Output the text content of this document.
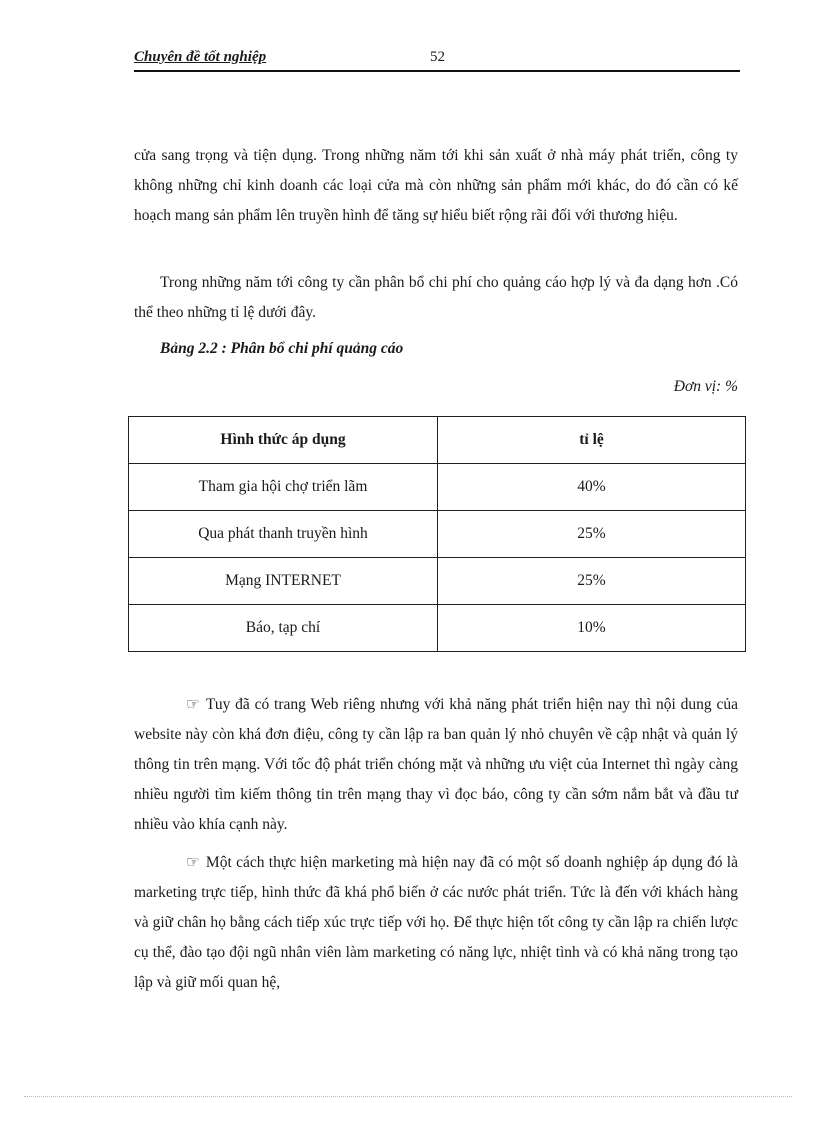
Chuyên đề tốt nghiệp	52

cửa sang trọng và tiện dụng. Trong những năm tới khi sản xuất ở nhà máy phát triển, công ty không những chỉ kinh doanh các loại cửa mà còn những sản phẩm mới khác, do đó cần có kế hoạch mang sản phẩm lên truyền hình để tăng sự hiểu biết rộng rãi đối với thương hiệu.

Trong những năm tới công ty cần phân bổ chi phí cho quảng cáo hợp lý và đa dạng hơn .Có thể theo những tỉ lệ dưới đây.

Bảng 2.2 : Phân bổ chi phí quảng cáo
Đơn vị: %
Hình thức áp dụng	tỉ lệ
Tham gia hội chợ triển lãm	40%
Qua phát thanh truyền hình	25%
Mạng INTERNET	25%
Báo, tạp chí	10%

☞ Tuy đã có trang Web riêng nhưng với khả năng phát triển hiện nay thì nội dung của website này còn khá đơn điệu, công ty cần lập ra ban quản lý nhỏ chuyên về cập nhật và quản lý thông tin trên mạng. Với tốc độ phát triển chóng mặt và những ưu việt của Internet thì ngày càng nhiều người tìm kiếm thông tin trên mạng thay vì đọc báo, công ty cần sớm nắm bắt và đầu tư nhiều vào khía cạnh này.

☞ Một cách thực hiện marketing mà hiện nay đã có một số doanh nghiệp áp dụng đó là marketing trực tiếp, hình thức đã khá phổ biến ở các nước phát triển. Tức là đến với khách hàng và giữ chân họ bằng cách tiếp xúc trực tiếp với họ. Để thực hiện tốt công ty cần lập ra chiến lược cụ thể, đào tạo đội ngũ nhân viên làm marketing có năng lực, nhiệt tình và có khả năng trong tạo lập và giữ mối quan hệ,
